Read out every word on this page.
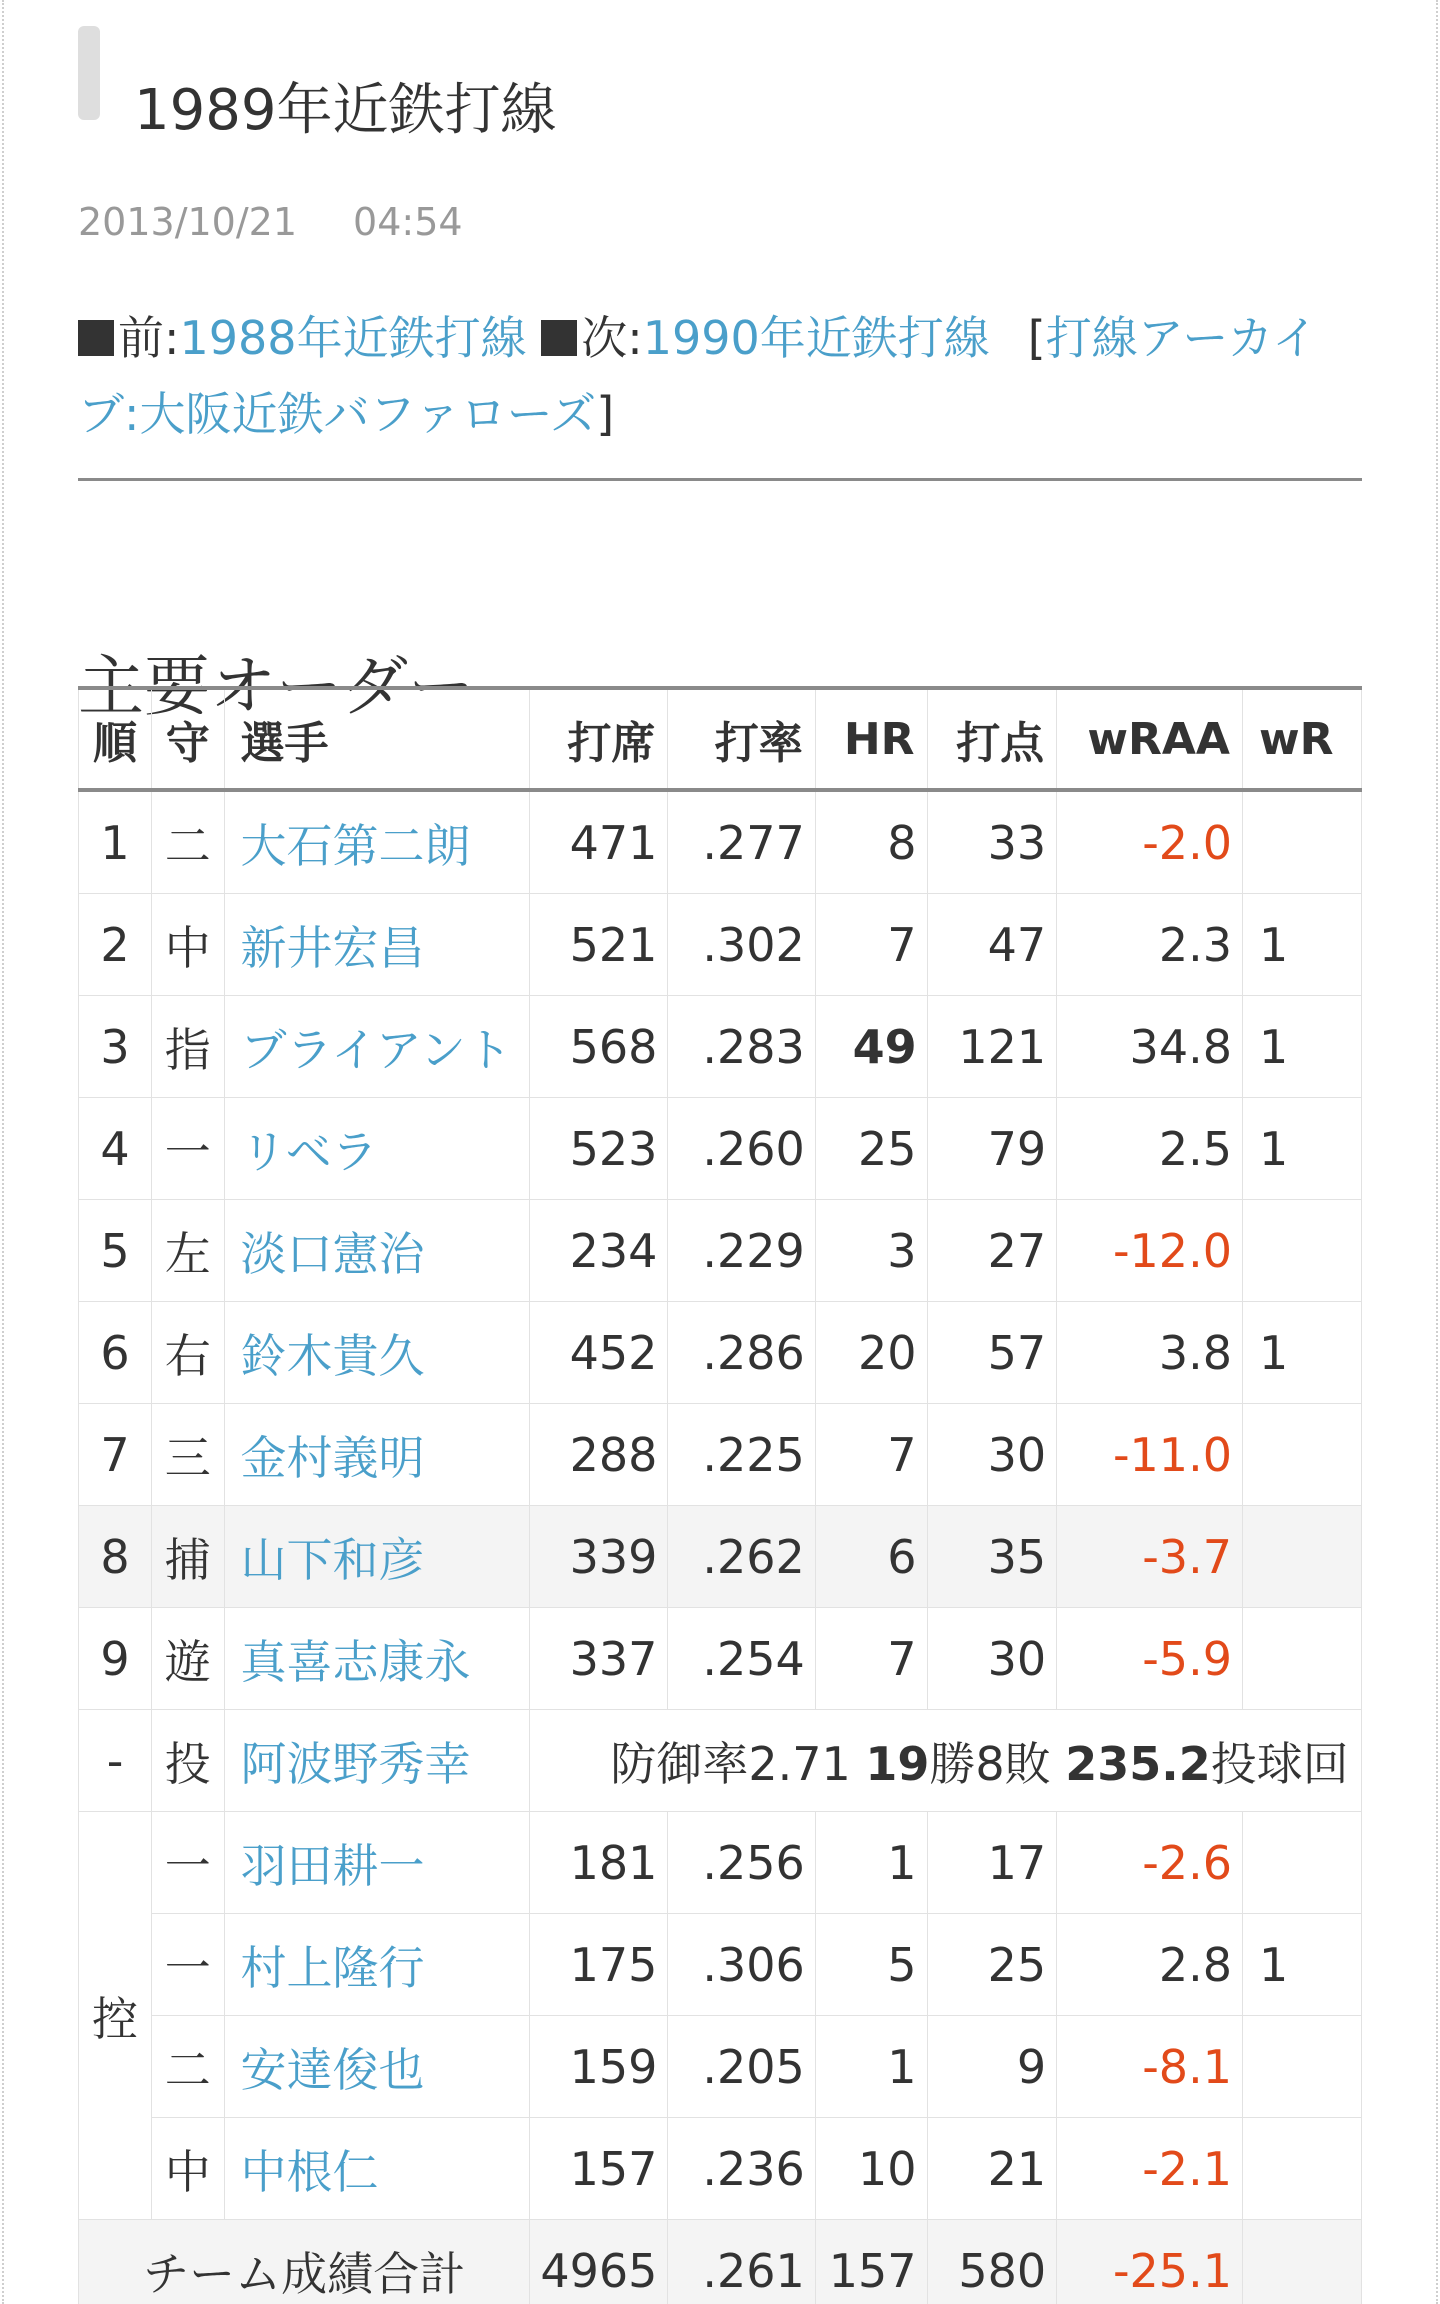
1989年近鉄打線
2013/10/21 04:54
前:1988年近鉄打線 次:1990年近鉄打線 [打線アーカイブ:大阪近鉄バファローズ]
主要オーダー
順	守	選手	打席	打率	HR	打点	wRAA	wR
1	二	大石第二朗	471	.277	8	33	-2.0	
2	中	新井宏昌	521	.302	7	47	2.3	1
3	指	ブライアント	568	.283	49	121	34.8	1
4	一	リベラ	523	.260	25	79	2.5	1
5	左	淡口憲治	234	.229	3	27	-12.0	
6	右	鈴木貴久	452	.286	20	57	3.8	1
7	三	金村義明	288	.225	7	30	-11.0	
8	捕	山下和彦	339	.262	6	35	-3.7	
9	遊	真喜志康永	337	.254	7	30	-5.9	
-	投	阿波野秀幸	防御率2.71 19勝8敗 235.2投球回					
控	一	羽田耕一	181	.256	1	17	-2.6	
	一	村上隆行	175	.306	5	25	2.8	1
	二	安達俊也	159	.205	1	9	-8.1	
	中	中根仁	157	.236	10	21	-2.1	
チーム成績合計			4965	.261	157	580	-25.1	
